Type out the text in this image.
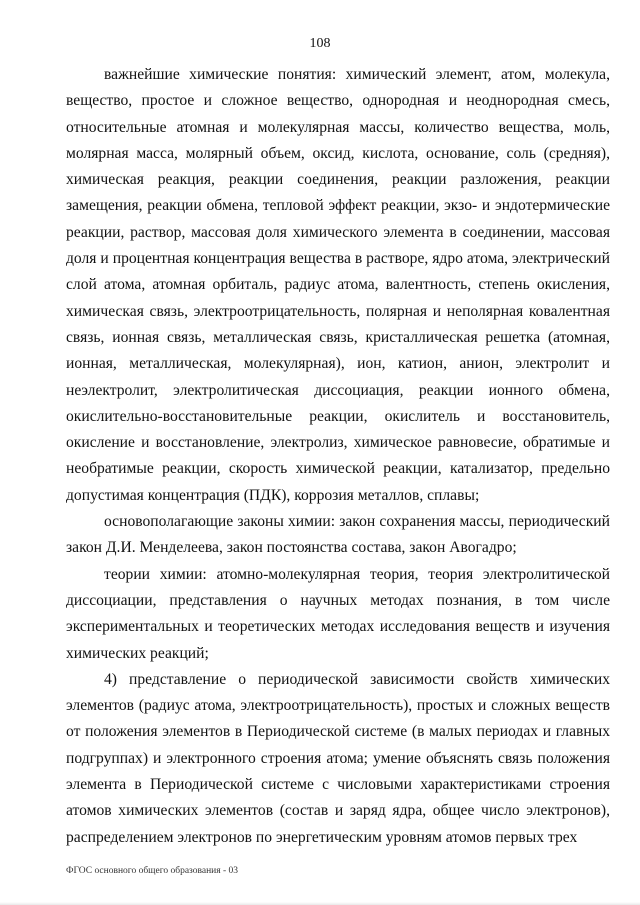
108

важнейшие химические понятия: химический элемент, атом, молекула, вещество, простое и сложное вещество, однородная и неоднородная смесь, относительные атомная и молекулярная массы, количество вещества, моль, молярная масса, молярный объем, оксид, кислота, основание, соль (средняя), химическая реакция, реакции соединения, реакции разложения, реакции замещения, реакции обмена, тепловой эффект реакции, экзо- и эндотермические реакции, раствор, массовая доля химического элемента в соединении, массовая доля и процентная концентрация вещества в растворе, ядро атома, электрический слой атома, атомная орбиталь, радиус атома, валентность, степень окисления, химическая связь, электроотрицательность, полярная и неполярная ковалентная связь, ионная связь, металлическая связь, кристаллическая решетка (атомная, ионная, металлическая, молекулярная), ион, катион, анион, электролит и неэлектролит, электролитическая диссоциация, реакции ионного обмена, окислительно-восстановительные реакции, окислитель и восстановитель, окисление и восстановление, электролиз, химическое равновесие, обратимые и необратимые реакции, скорость химической реакции, катализатор, предельно допустимая концентрация (ПДК), коррозия металлов, сплавы;

основополагающие законы химии: закон сохранения массы, периодический закон Д.И. Менделеева, закон постоянства состава, закон Авогадро;

теории химии: атомно-молекулярная теория, теория электролитической диссоциации, представления о научных методах познания, в том числе экспериментальных и теоретических методах исследования веществ и изучения химических реакций;

4) представление о периодической зависимости свойств химических элементов (радиус атома, электроотрицательность), простых и сложных веществ от положения элементов в Периодической системе (в малых периодах и главных подгруппах) и электронного строения атома; умение объяснять связь положения элемента в Периодической системе с числовыми характеристиками строения атомов химических элементов (состав и заряд ядра, общее число электронов), распределением электронов по энергетическим уровням атомов первых трех

ФГОС основного общего образования - 03
